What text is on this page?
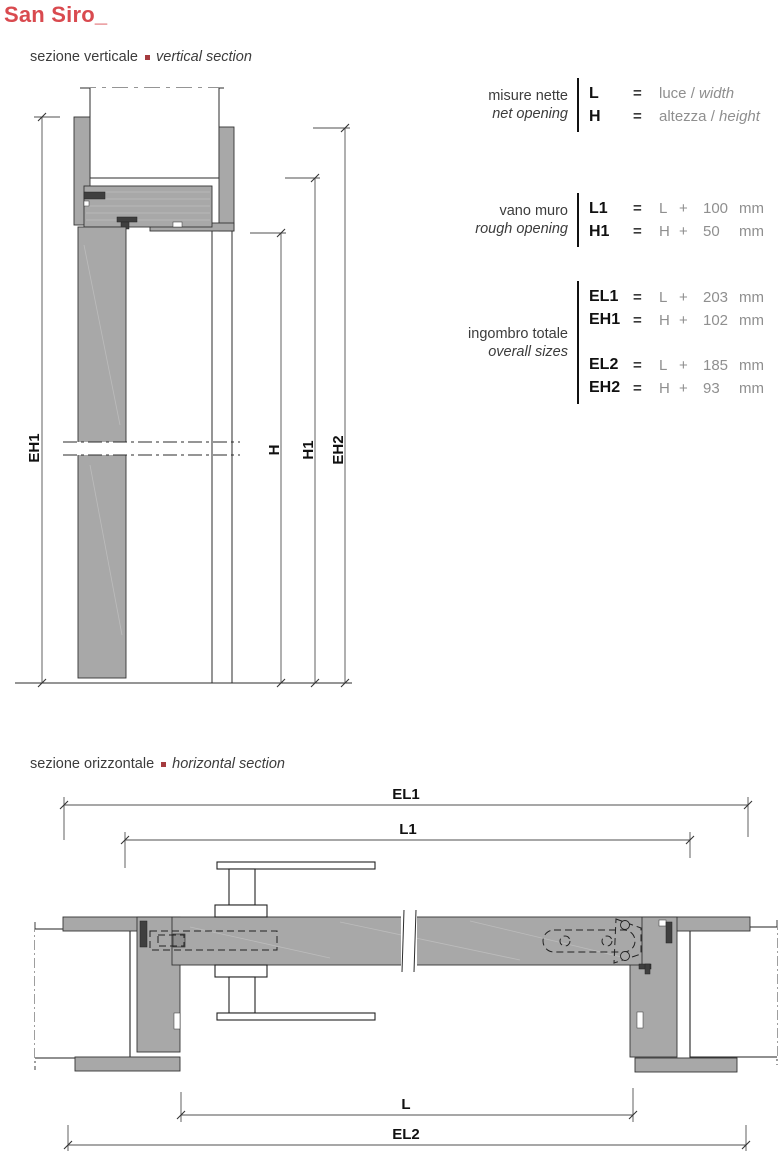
San Siro_
sezione verticale vertical section
EH1	H H1 EH2
misure nette
net opening
L	=	luce / width
H	=	altezza / height
vano muro
rough opening
L1	=	L +	100 mm
H1	=	H +	50	mm
ingombro totale
overall sizes
EL1 =	L +	203 mm
EH1 =	H +	102 mm
EL2 =	L +	185 mm
EH2 =	H +	93	mm
sezione orizzontale horizontal section
EL1
L1
L
EL2
